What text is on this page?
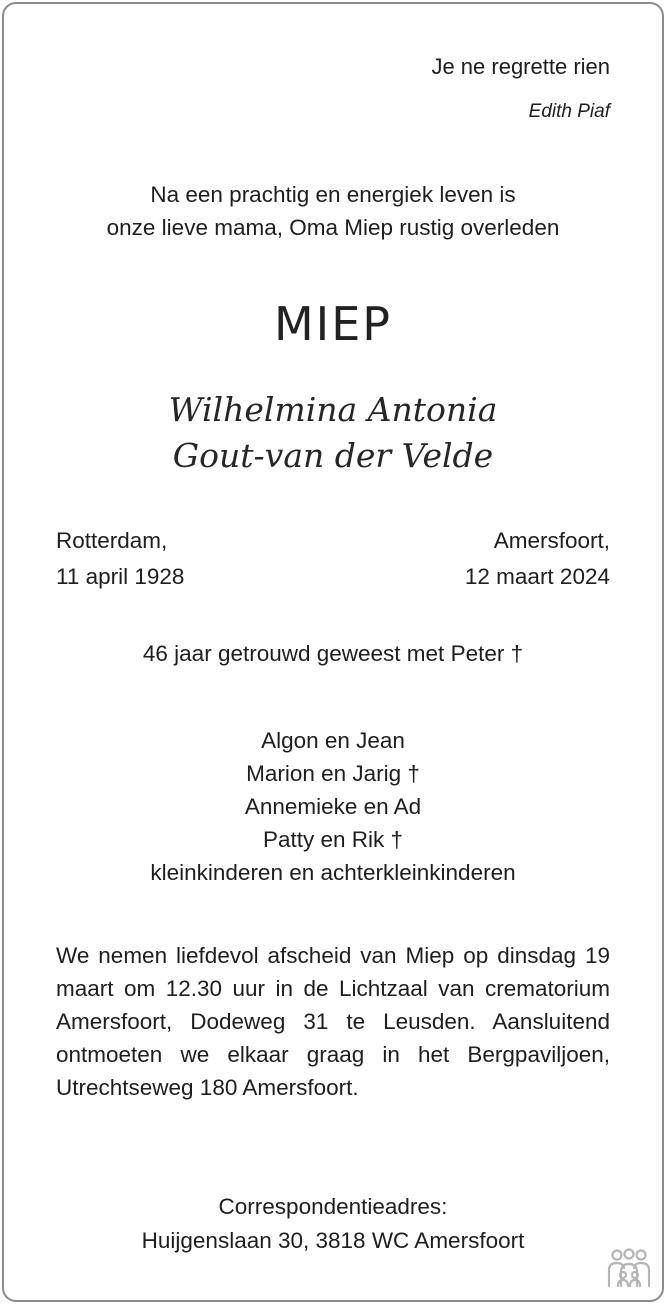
Je ne regrette rien

Edith Piaf

Na een prachtig en energiek leven is
onze lieve mama, Oma Miep rustig overleden
MIEP
Wilhelmina Antonia
Gout-van der Velde
Rotterdam,
11 april 1928
Amersfoort,
12 maart 2024
46 jaar getrouwd geweest met Peter †
Algon en Jean
Marion en Jarig †
Annemieke en Ad
Patty en Rik †
kleinkinderen en achterkleinkinderen

We nemen liefdevol afscheid van Miep op dinsdag 19 maart om 12.30 uur in de Lichtzaal van crematorium Amersfoort, Dodeweg 31 te Leusden. Aansluitend ontmoeten we elkaar graag in het Bergpaviljoen, Utrechtseweg 180 Amersfoort.

Correspondentieadres:
Huijgenslaan 30, 3818 WC Amersfoort
